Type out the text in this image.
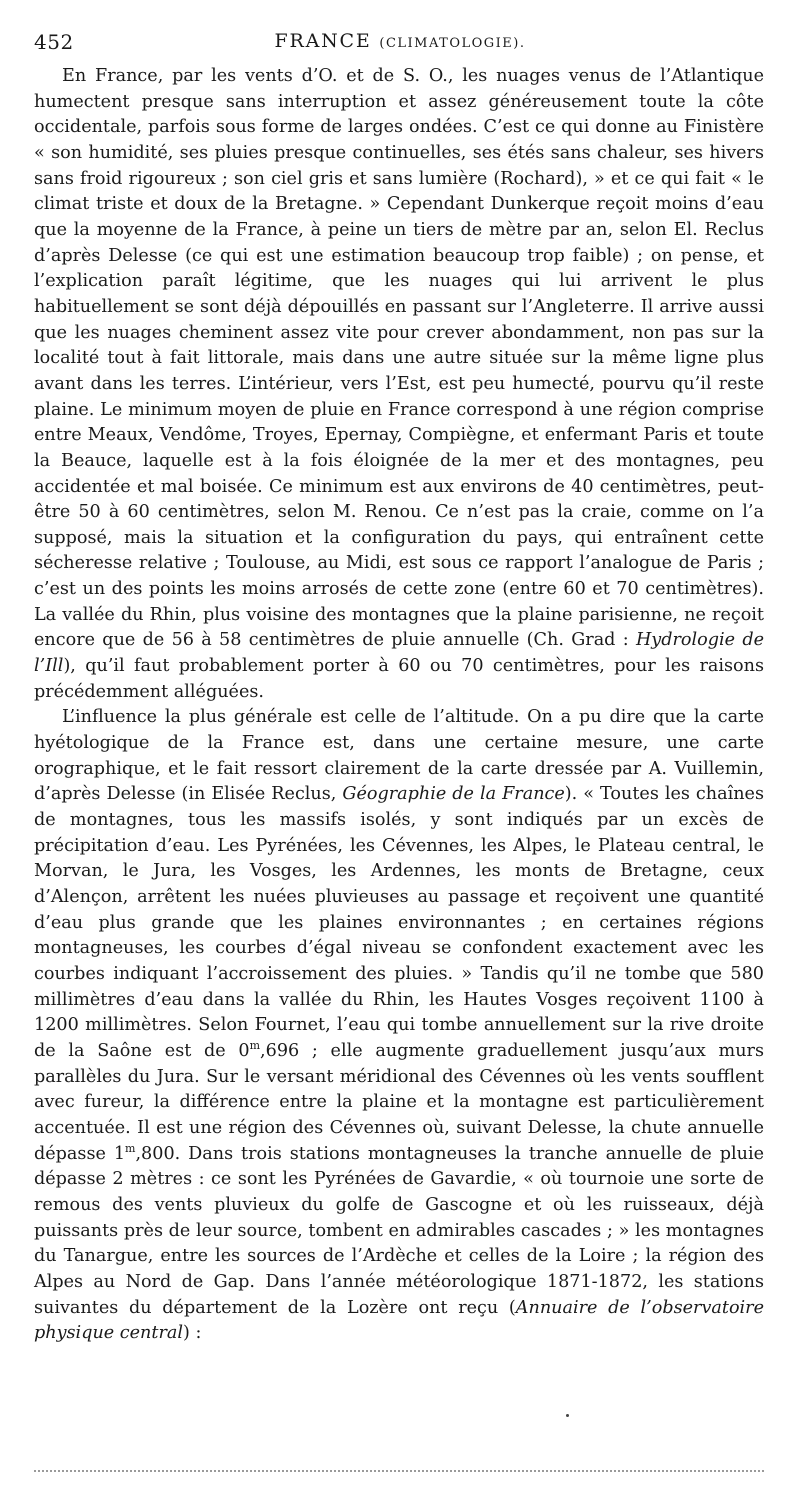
452	FRANCE (CLIMATOLOGIE).

En France, par les vents d’O. et de S. O., les nuages venus de l’Atlantique humectent presque sans interruption et assez généreusement toute la côte occidentale, parfois sous forme de larges ondées. C’est ce qui donne au Finistère « son humidité, ses pluies presque continuelles, ses étés sans chaleur, ses hivers sans froid rigoureux ; son ciel gris et sans lumière (Rochard), » et ce qui fait « le climat triste et doux de la Bretagne. » Cependant Dunkerque reçoit moins d’eau que la moyenne de la France, à peine un tiers de mètre par an, selon El. Reclus d’après Delesse (ce qui est une estimation beaucoup trop faible) ; on pense, et l’explication paraît légitime, que les nuages qui lui arrivent le plus habituellement se sont déjà dépouillés en passant sur l’Angleterre. Il arrive aussi que les nuages cheminent assez vite pour crever abondamment, non pas sur la localité tout à fait littorale, mais dans une autre située sur la même ligne plus avant dans les terres. L’intérieur, vers l’Est, est peu humecté, pourvu qu’il reste plaine. Le minimum moyen de pluie en France correspond à une région comprise entre Meaux, Vendôme, Troyes, Epernay, Compiègne, et enfermant Paris et toute la Beauce, laquelle est à la fois éloignée de la mer et des montagnes, peu accidentée et mal boisée. Ce minimum est aux environs de 40 centimètres, peut-être 50 à 60 centimètres, selon M. Renou. Ce n’est pas la craie, comme on l’a supposé, mais la situation et la configuration du pays, qui entraînent cette sécheresse relative ; Toulouse, au Midi, est sous ce rapport l’analogue de Paris ; c’est un des points les moins arrosés de cette zone (entre 60 et 70 centimètres). La vallée du Rhin, plus voisine des montagnes que la plaine parisienne, ne reçoit encore que de 56 à 58 centimètres de pluie annuelle (Ch. Grad : Hydrologie de l’Ill), qu’il faut probablement porter à 60 ou 70 centimètres, pour les raisons précédemment alléguées.

L’influence la plus générale est celle de l’altitude. On a pu dire que la carte hyétologique de la France est, dans une certaine mesure, une carte orographique, et le fait ressort clairement de la carte dressée par A. Vuillemin, d’après Delesse (in Elisée Reclus, Géographie de la France). « Toutes les chaînes de montagnes, tous les massifs isolés, y sont indiqués par un excès de précipitation d’eau. Les Pyrénées, les Cévennes, les Alpes, le Plateau central, le Morvan, le Jura, les Vosges, les Ardennes, les monts de Bretagne, ceux d’Alençon, arrêtent les nuées pluvieuses au passage et reçoivent une quantité d’eau plus grande que les plaines environnantes ; en certaines régions montagneuses, les courbes d’égal niveau se confondent exactement avec les courbes indiquant l’accroissement des pluies. » Tandis qu’il ne tombe que 580 millimètres d’eau dans la vallée du Rhin, les Hautes Vosges reçoivent 1100 à 1200 millimètres. Selon Fournet, l’eau qui tombe annuellement sur la rive droite de la Saône est de 0$^m$,696 ; elle augmente graduellement jusqu’aux murs parallèles du Jura. Sur le versant méridional des Cévennes où les vents soufflent avec fureur, la différence entre la plaine et la montagne est particulièrement accentuée. Il est une région des Cévennes où, suivant Delesse, la chute annuelle dépasse 1$^m$,800. Dans trois stations montagneuses la tranche annuelle de pluie dépasse 2 mètres : ce sont les Pyrénées de Gavardie, « où tournoie une sorte de remous des vents pluvieux du golfe de Gascogne et où les ruisseaux, déjà puissants près de leur source, tombent en admirables cascades ; » les montagnes du Tanargue, entre les sources de l’Ardèche et celles de la Loire ; la région des Alpes au Nord de Gap. Dans l’année météorologique 1871-1872, les stations suivantes du département de la Lozère ont reçu (Annuaire de l’observatoire physique central) :
